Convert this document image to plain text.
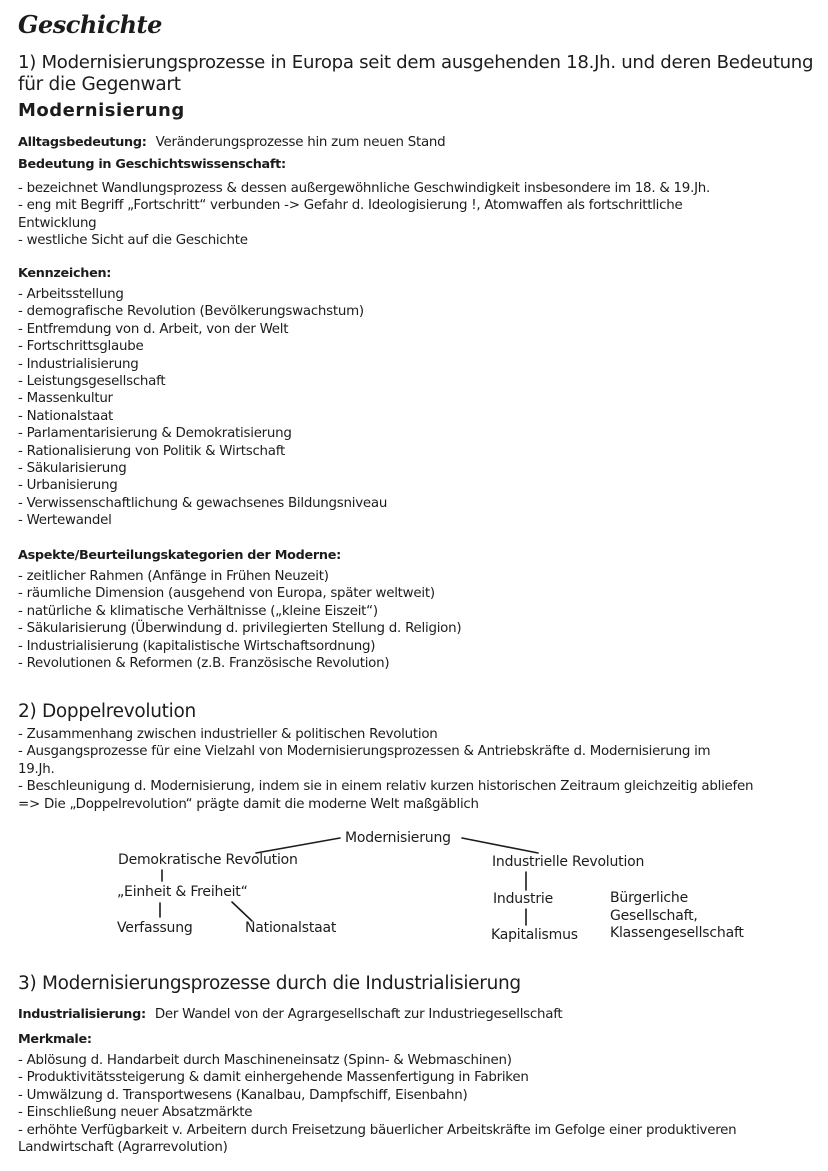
Geschichte
1) Modernisierungsprozesse in Europa seit dem ausgehenden 18.Jh. und deren Bedeutung
für die Gegenwart
Modernisierung
Alltagsbedeutung: Veränderungsprozesse hin zum neuen Stand
Bedeutung in Geschichtswissenschaft:
- bezeichnet Wandlungsprozess & dessen außergewöhnliche Geschwindigkeit insbesondere im 18. & 19.Jh.
- eng mit Begriff „Fortschritt“ verbunden -> Gefahr d. Ideologisierung !, Atomwaffen als fortschrittliche
Entwicklung
- westliche Sicht auf die Geschichte
Kennzeichen:
- Arbeitsstellung
- demografische Revolution (Bevölkerungswachstum)
- Entfremdung von d. Arbeit, von der Welt
- Fortschrittsglaube
- Industrialisierung
- Leistungsgesellschaft
- Massenkultur
- Nationalstaat
- Parlamentarisierung & Demokratisierung
- Rationalisierung von Politik & Wirtschaft
- Säkularisierung
- Urbanisierung
- Verwissenschaftlichung & gewachsenes Bildungsniveau
- Wertewandel
Aspekte/Beurteilungskategorien der Moderne:
- zeitlicher Rahmen (Anfänge in Frühen Neuzeit)
- räumliche Dimension (ausgehend von Europa, später weltweit)
- natürliche & klimatische Verhältnisse („kleine Eiszeit“)
- Säkularisierung (Überwindung d. privilegierten Stellung d. Religion)
- Industrialisierung (kapitalistische Wirtschaftsordnung)
- Revolutionen & Reformen (z.B. Französische Revolution)
2) Doppelrevolution
- Zusammenhang zwischen industrieller & politischen Revolution
- Ausgangsprozesse für eine Vielzahl von Modernisierungsprozessen & Antriebskräfte d. Modernisierung im
19.Jh.
- Beschleunigung d. Modernisierung, indem sie in einem relativ kurzen historischen Zeitraum gleichzeitig abliefen
=> Die „Doppelrevolution“ prägte damit die moderne Welt maßgäblich
Modernisierung
Demokratische Revolution
„Einheit & Freiheit“
Verfassung	Nationalstaat
Industrielle Revolution
Industrie
Kapitalismus
Bürgerliche
Gesellschaft,
Klassengesellschaft
3) Modernisierungsprozesse durch die Industrialisierung
Industrialisierung: Der Wandel von der Agrargesellschaft zur Industriegesellschaft
Merkmale:
- Ablösung d. Handarbeit durch Maschineneinsatz (Spinn- & Webmaschinen)
- Produktivitätssteigerung & damit einhergehende Massenfertigung in Fabriken
- Umwälzung d. Transportwesens (Kanalbau, Dampfschiff, Eisenbahn)
- Einschließung neuer Absatzmärkte
- erhöhte Verfügbarkeit v. Arbeitern durch Freisetzung bäuerlicher Arbeitskräfte im Gefolge einer produktiveren
Landwirtschaft (Agrarrevolution)
